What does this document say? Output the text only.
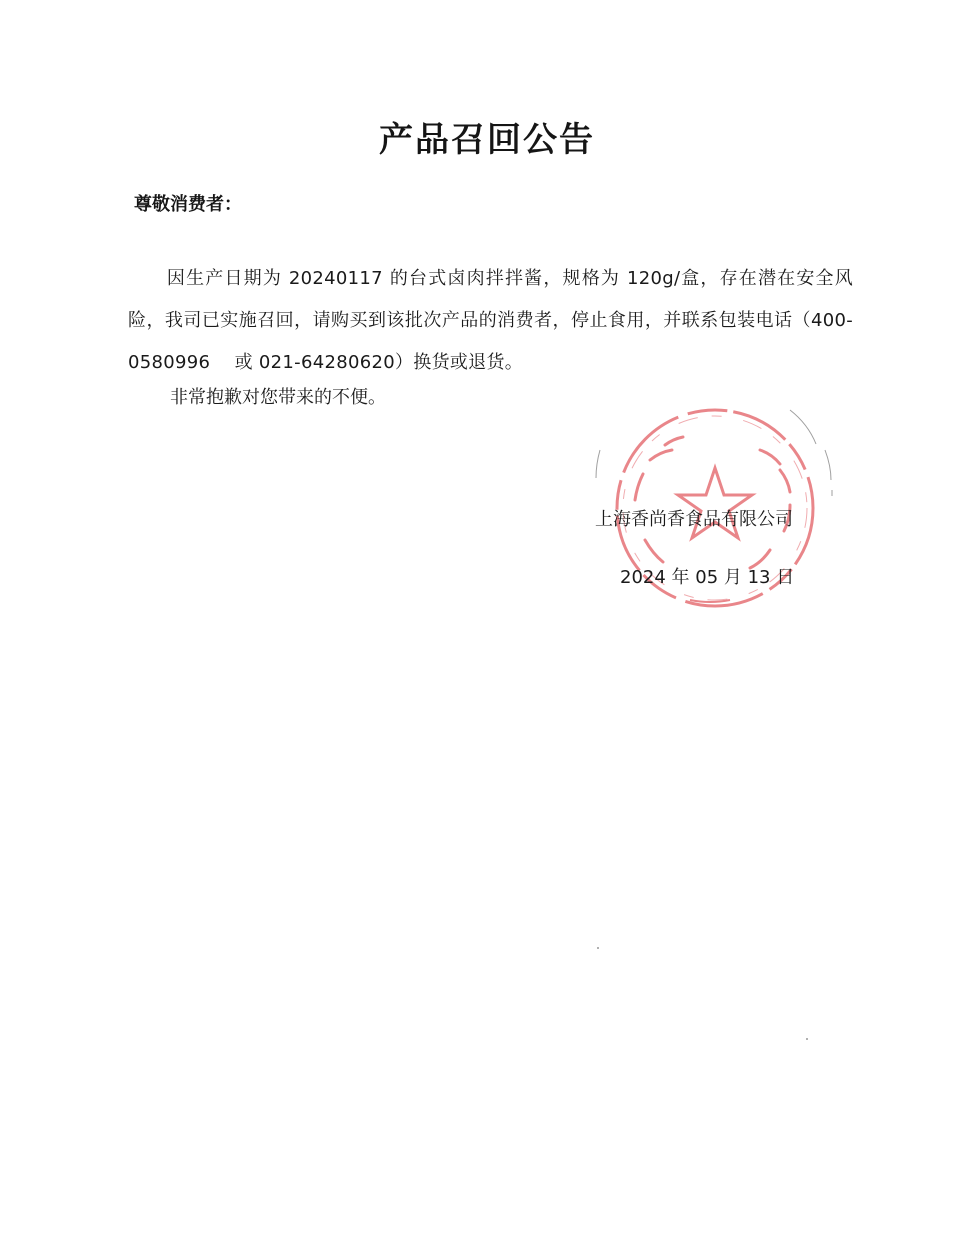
产品召回公告
尊敬消费者：
因生产日期为 20240117 的台式卤肉拌拌酱，规格为 120g/盒，存在潜在安全风险，我司已实施召回，请购买到该批次产品的消费者，停止食用，并联系包装电话（400-0580996　 或 021-64280620）换货或退货。
非常抱歉对您带来的不便。
上海香尚香食品有限公司
2024 年 05 月 13 日
